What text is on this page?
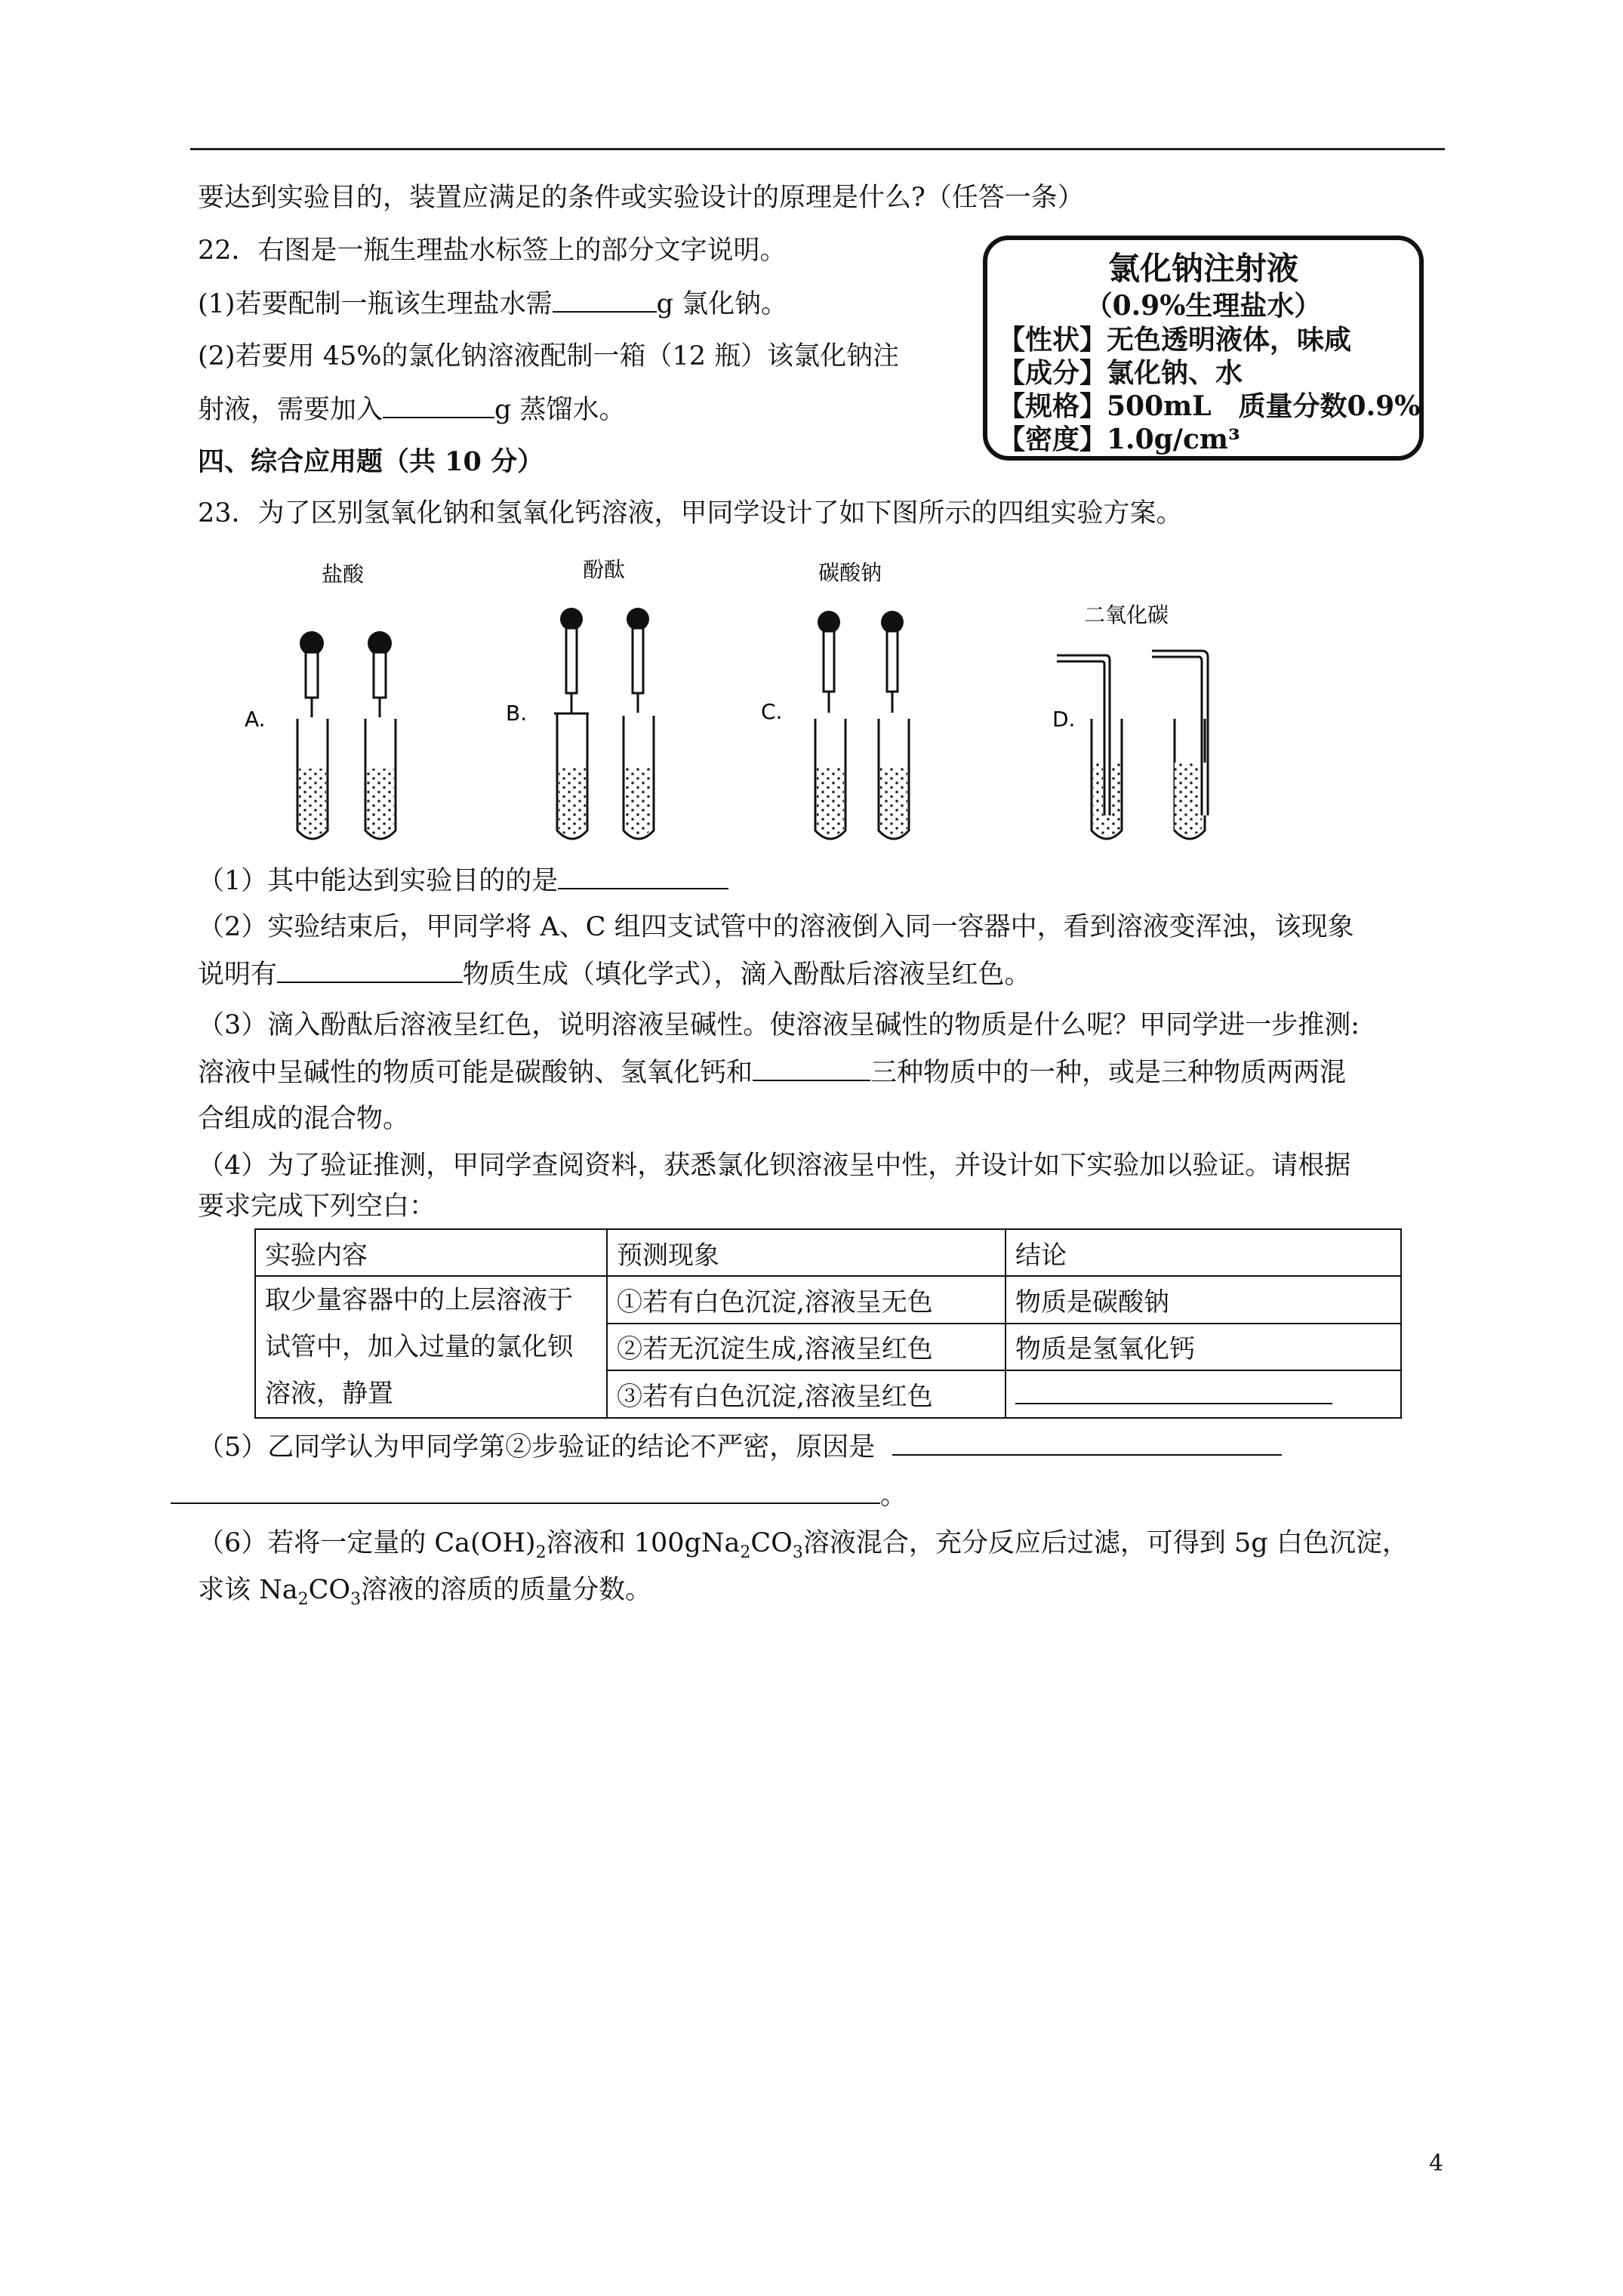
要达到实验目的，装置应满足的条件或实验设计的原理是什么?（任答一条）
22．右图是一瓶生理盐水标签上的部分文字说明。
(1)若要配制一瓶该生理盐水需	g 氯化钠。
(2)若要用 45%的氯化钠溶液配制一箱（12 瓶）该氯化钠注
射液，需要加入	g 蒸馏水。
氯化钠注射液
（0.9%生理盐水）
【性状】无色透明液体，味咸
【成分】氯化钠、水
【规格】500mL　质量分数0.9%
【密度】1.0g/cm³
四、综合应用题（共 10 分）
23．为了区别氢氧化钠和氢氧化钙溶液，甲同学设计了如下图所示的四组实验方案。
盐酸
A.
酚酞
B.
碳酸钠
C.
二氧化碳
D.
（1）其中能达到实验目的的是
（2）实验结束后，甲同学将 A、C 组四支试管中的溶液倒入同一容器中，看到溶液变浑浊，该现象
说明有	物质生成（填化学式），滴入酚酞后溶液呈红色。
（3）滴入酚酞后溶液呈红色，说明溶液呈碱性。使溶液呈碱性的物质是什么呢？甲同学进一步推测:
溶液中呈碱性的物质可能是碳酸钠、氢氧化钙和	三种物质中的一种，或是三种物质两两混
合组成的混合物。
（4）为了验证推测，甲同学查阅资料，获悉氯化钡溶液呈中性，并设计如下实验加以验证。请根据
要求完成下列空白：
实验内容	预测现象	结论
取少量容器中的上层溶液于试管中，加入过量的氯化钡溶液，静置	①若有白色沉淀,溶液呈无色	物质是碳酸钠
	②若无沉淀生成,溶液呈红色	物质是氢氧化钙
	③若有白色沉淀,溶液呈红色	
（5）乙同学认为甲同学第②步验证的结论不严密，原因是
。
（6）若将一定量的 $Ca(OH)_2$溶液和 $100gNa_2CO_3$溶液混合，充分反应后过滤，可得到 5g 白色沉淀，
求该 $Na_2CO_3$溶液的溶质的质量分数。
4
